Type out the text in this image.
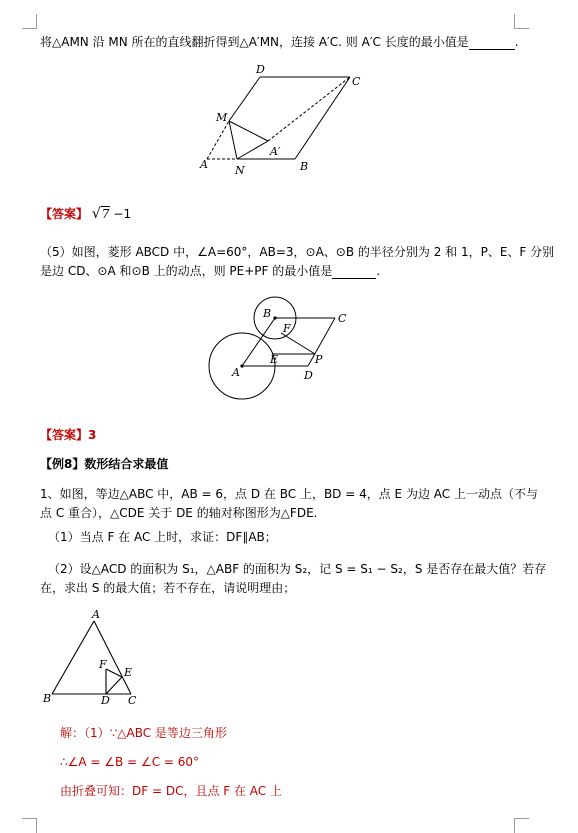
将△AMN 沿 MN 所在的直线翻折得到△A′MN，连接 A′C. 则 A′C 长度的最小值是	.
D
C
M
A N
A′
B
【答案】 √7 −1
（5）如图，菱形 ABCD 中，∠A=60°，AB=3，⊙A、⊙B 的半径分别为 2 和 1，P、E、F 分别
是边 CD、⊙A 和⊙B 上的动点，则 PE+PF 的最小值是	.
B
F
C
E	P
A	D
【答案】3
【例8】数形结合求最值
1、如图，等边△ABC 中，AB = 6，点 D 在 BC 上，BD = 4，点 E 为边 AC 上一动点（不与
点 C 重合），△CDE 关于 DE 的轴对称图形为△FDE.
（1）当点 F 在 AC 上时，求证：DF∥AB；
（2）设△ACD 的面积为 S₁，△ABF 的面积为 S₂，记 S = S₁ − S₂，S 是否存在最大值？若存
在，求出 S 的最大值；若不存在，请说明理由；
A
F
E
B	D C
解：（1）∵△ABC 是等边三角形
∴∠A = ∠B = ∠C = 60°
由折叠可知：DF = DC，且点 F 在 AC 上
